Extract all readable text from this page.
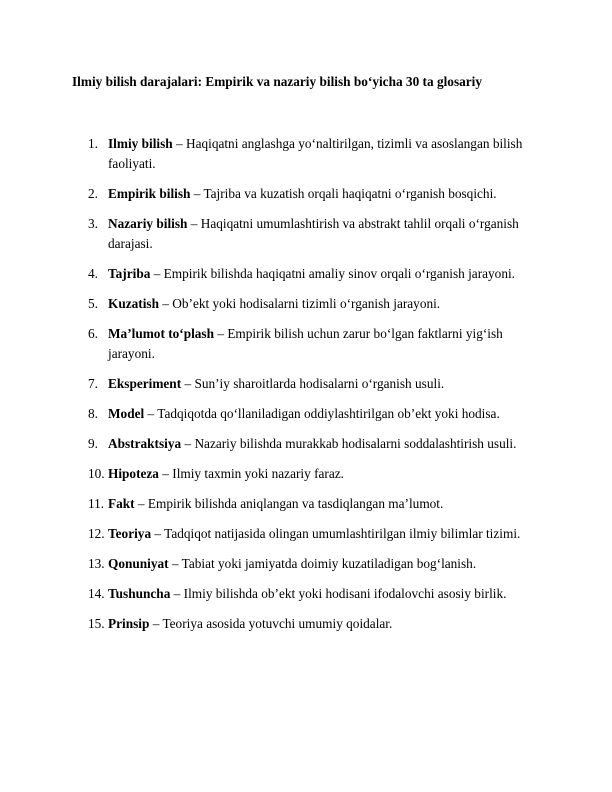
Ilmiy bilish darajalari: Empirik va nazariy bilish bo‘yicha 30 ta glosariy
1. Ilmiy bilish – Haqiqatni anglashga yo‘naltirilgan, tizimli va asoslangan bilish faoliyati.
2. Empirik bilish – Tajriba va kuzatish orqali haqiqatni o‘rganish bosqichi.
3. Nazariy bilish – Haqiqatni umumlashtirish va abstrakt tahlil orqali o‘rganish darajasi.
4. Tajriba – Empirik bilishda haqiqatni amaliy sinov orqali o‘rganish jarayoni.
5. Kuzatish – Ob’ekt yoki hodisalarni tizimli o‘rganish jarayoni.
6. Ma’lumot to‘plash – Empirik bilish uchun zarur bo‘lgan faktlarni yig‘ish jarayoni.
7. Eksperiment – Sun’iy sharoitlarda hodisalarni o‘rganish usuli.
8. Model – Tadqiqotda qo‘llaniladigan oddiylashtirilgan ob’ekt yoki hodisa.
9. Abstraktsiya – Nazariy bilishda murakkab hodisalarni soddalashtirish usuli.
10. Hipoteza – Ilmiy taxmin yoki nazariy faraz.
11. Fakt – Empirik bilishda aniqlangan va tasdiqlangan ma’lumot.
12. Teoriya – Tadqiqot natijasida olingan umumlashtirilgan ilmiy bilimlar tizimi.
13. Qonuniyat – Tabiat yoki jamiyatda doimiy kuzatiladigan bog‘lanish.
14. Tushuncha – Ilmiy bilishda ob’ekt yoki hodisani ifodalovchi asosiy birlik.
15. Prinsip – Teoriya asosida yotuvchi umumiy qoidalar.
